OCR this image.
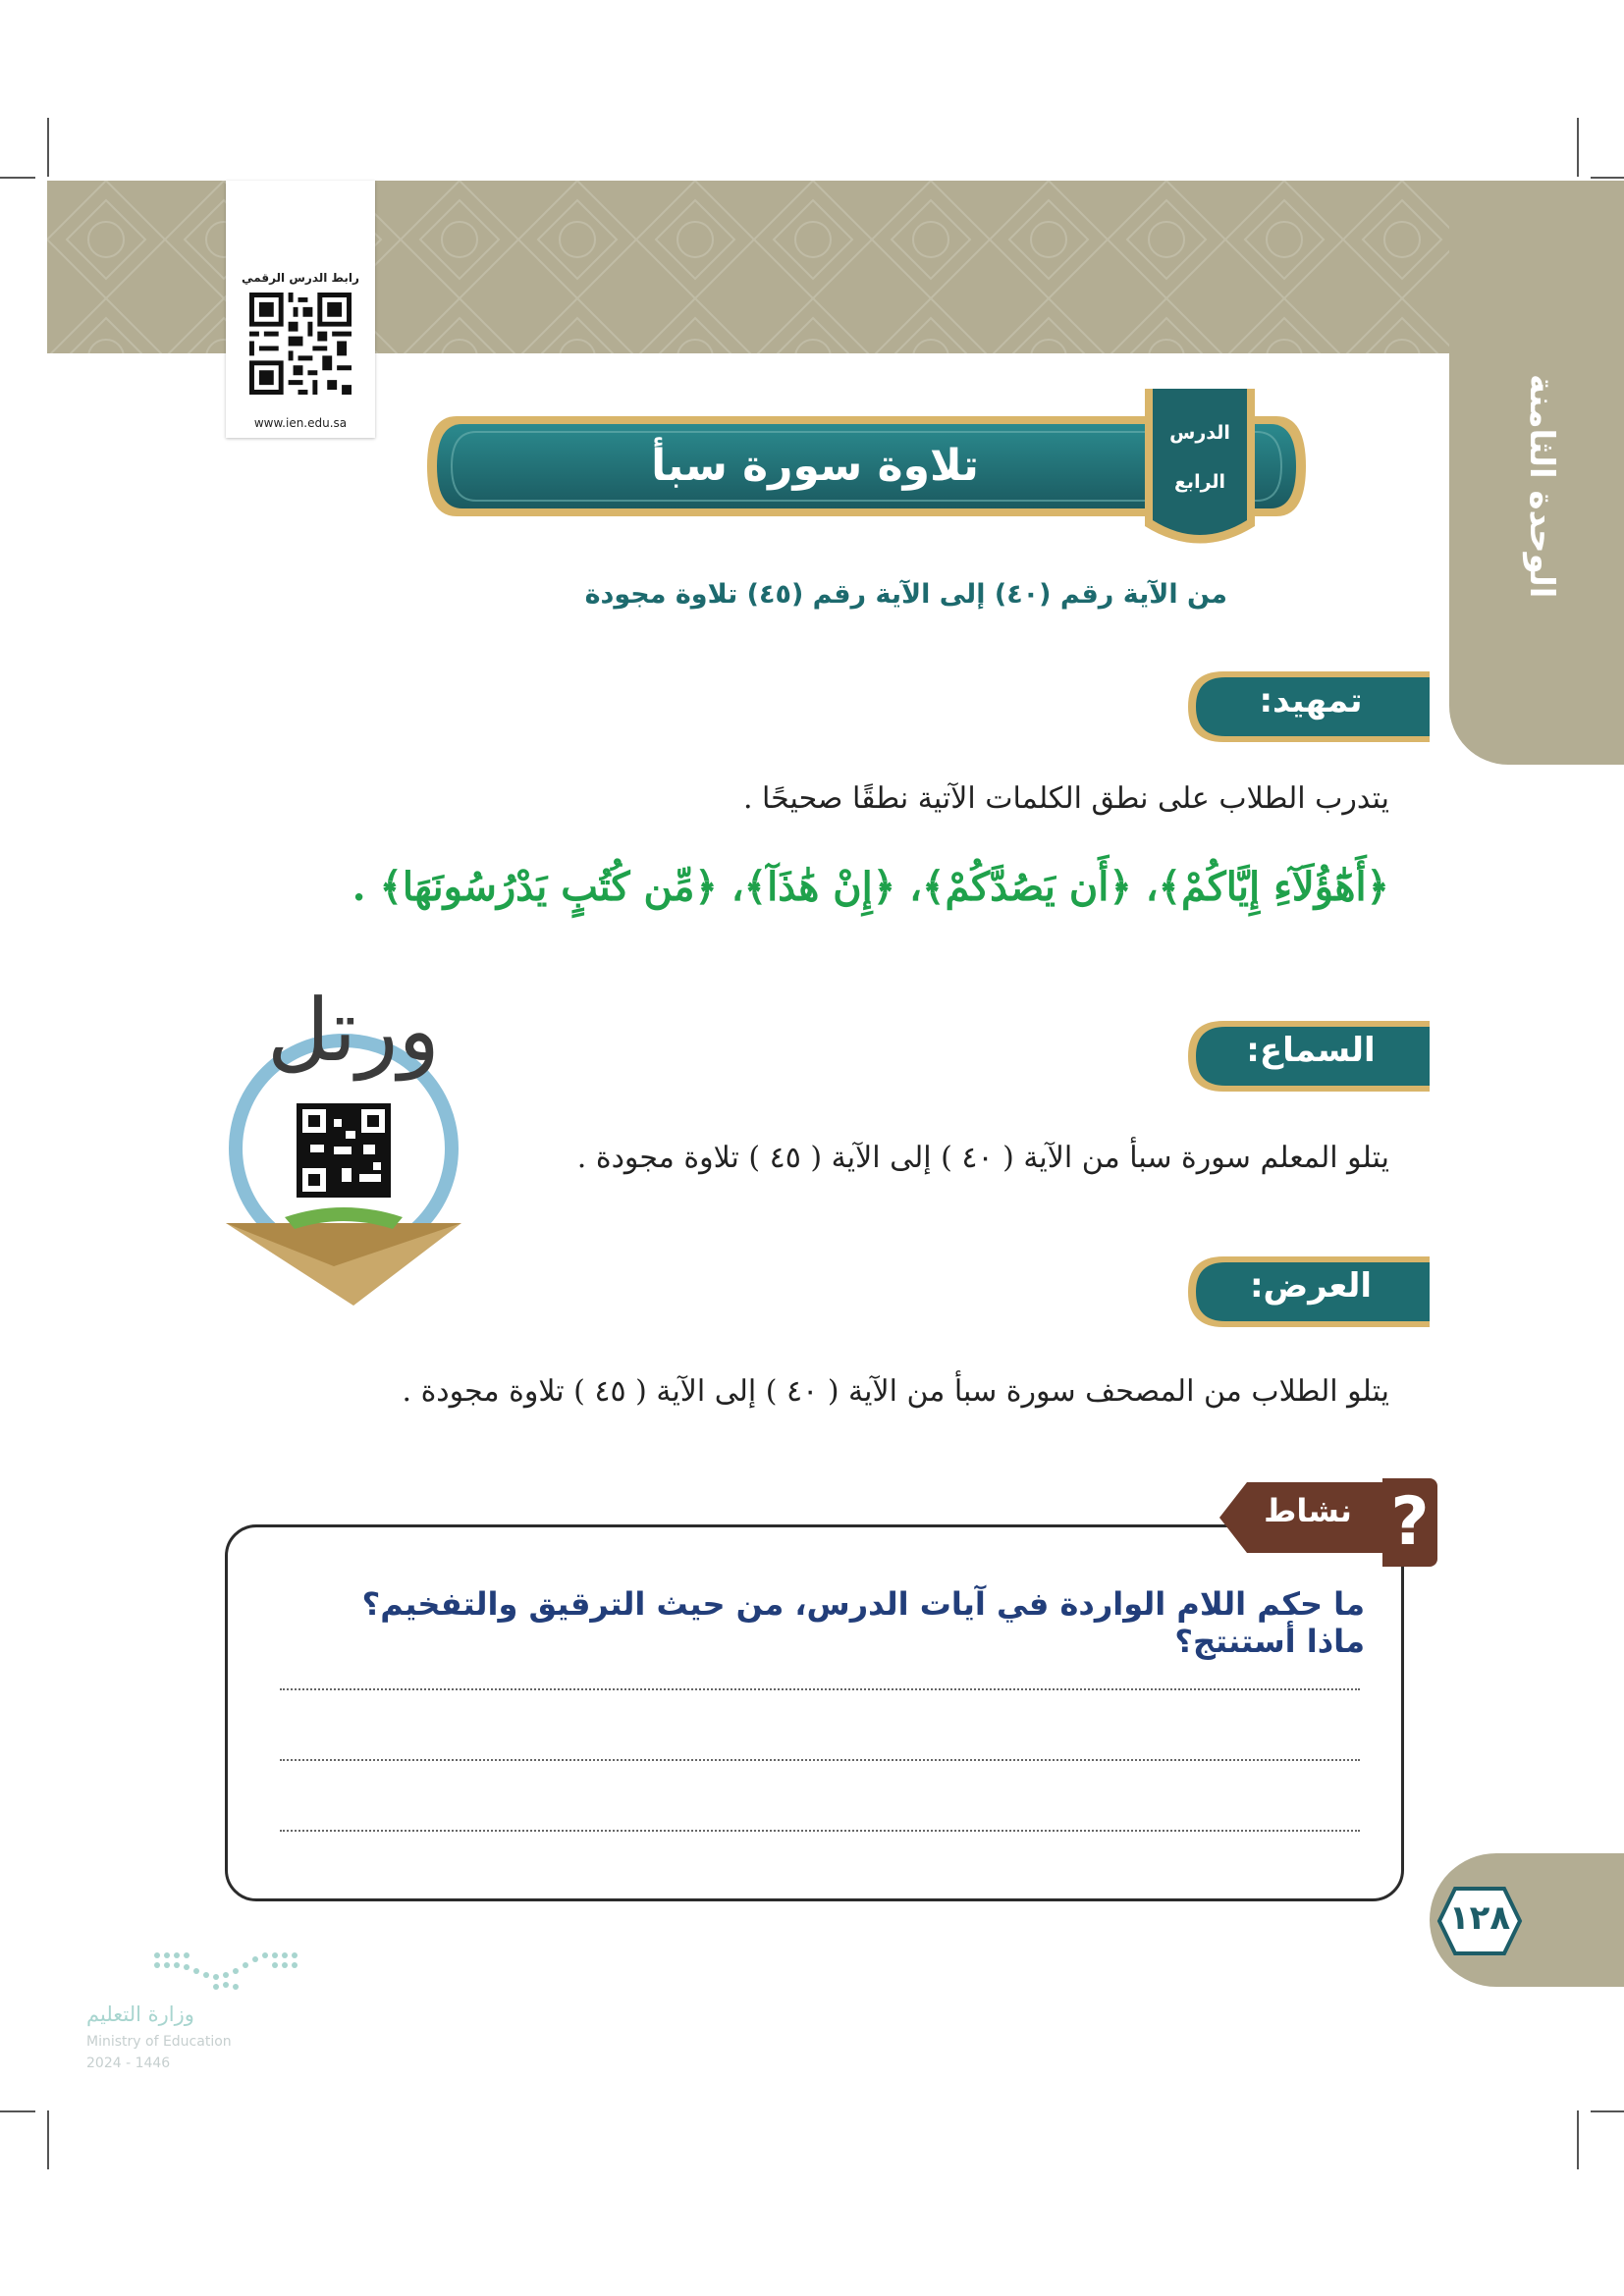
الوحدة الثامنة
رابط الدرس الرقمي
www.ien.edu.sa
تلاوة سورة سبأ
الدرس
الرابع
من الآية رقم (٤٠) إلى الآية رقم (٤٥) تلاوة مجودة
تمهيد:
يتدرب الطلاب على نطق الكلمات الآتية نطقًا صحيحًا .
﴿أَهَٰٓؤُلَآءِ إِيَّاكُمْ﴾، ﴿أَن يَصُدَّكُمْ﴾، ﴿إِنْ هَٰذَآ﴾، ﴿مِّن كُتُبٍ يَدْرُسُونَهَا﴾ .
ورتل	السماع:
يتلو المعلم سورة سبأ من الآية ( ٤٠ ) إلى الآية ( ٤٥ ) تلاوة مجودة .
العرض:
يتلو الطلاب من المصحف سورة سبأ من الآية ( ٤٠ ) إلى الآية ( ٤٥ ) تلاوة مجودة .
نشاط ?
ما حكم اللام الواردة في آيات الدرس، من حيث الترقيق والتفخيم؟ ماذا أستنتج؟
١٢٨
وزارة التعليم
Ministry of Education
2024 - 1446
